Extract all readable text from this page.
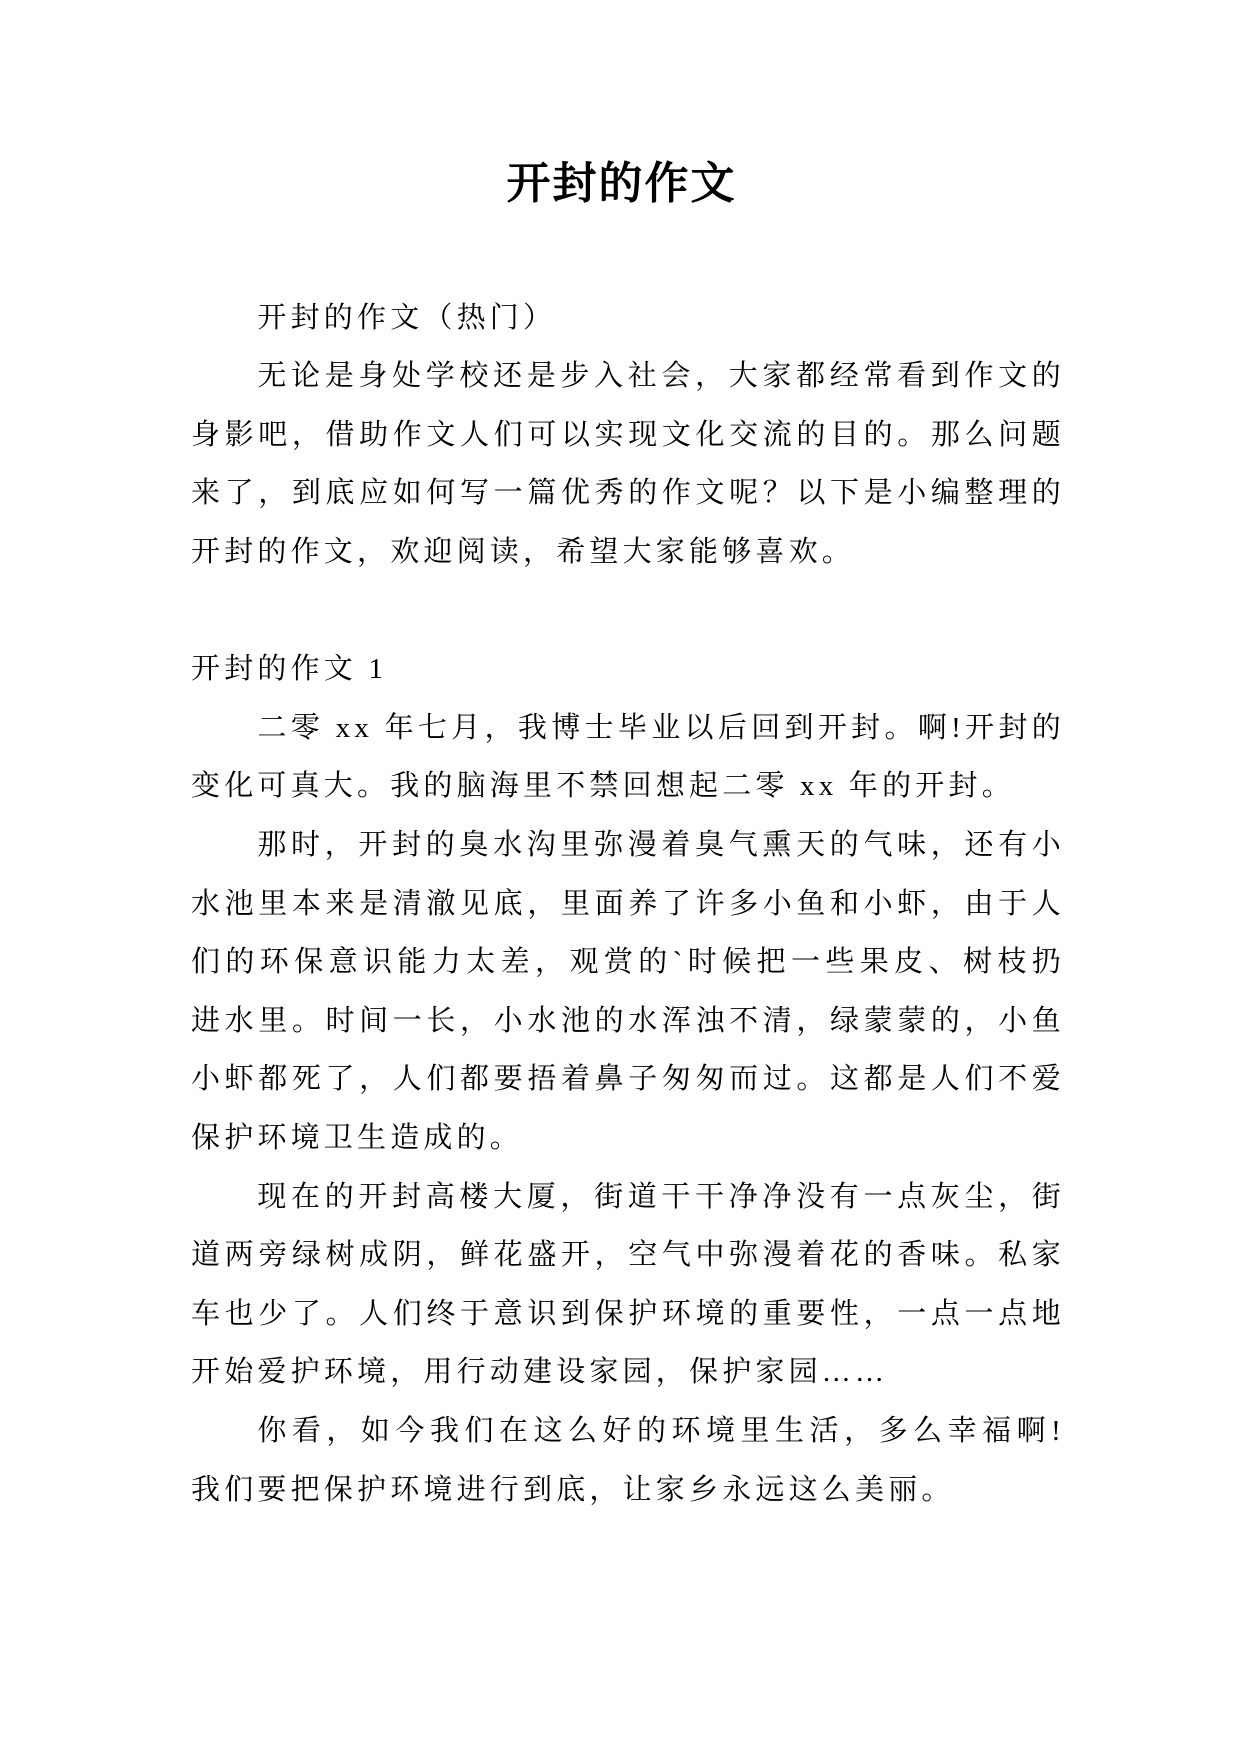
开封的作文
开封的作文（热门）
无论是身处学校还是步入社会，大家都经常看到作文的
身影吧，借助作文人们可以实现文化交流的目的。那么问题
来了，到底应如何写一篇优秀的作文呢？以下是小编整理的
开封的作文，欢迎阅读，希望大家能够喜欢。
开封的作文 1
二零 xx 年七月，我博士毕业以后回到开封。啊!开封的
变化可真大。我的脑海里不禁回想起二零 xx 年的开封。
那时，开封的臭水沟里弥漫着臭气熏天的气味，还有小
水池里本来是清澈见底，里面养了许多小鱼和小虾，由于人
们的环保意识能力太差，观赏的`时候把一些果皮、树枝扔
进水里。时间一长，小水池的水浑浊不清，绿蒙蒙的，小鱼
小虾都死了，人们都要捂着鼻子匆匆而过。这都是人们不爱
保护环境卫生造成的。
现在的开封高楼大厦，街道干干净净没有一点灰尘，街
道两旁绿树成阴，鲜花盛开，空气中弥漫着花的香味。私家
车也少了。人们终于意识到保护环境的重要性，一点一点地
开始爱护环境，用行动建设家园，保护家园……
你看，如今我们在这么好的环境里生活，多么幸福啊!
我们要把保护环境进行到底，让家乡永远这么美丽。
